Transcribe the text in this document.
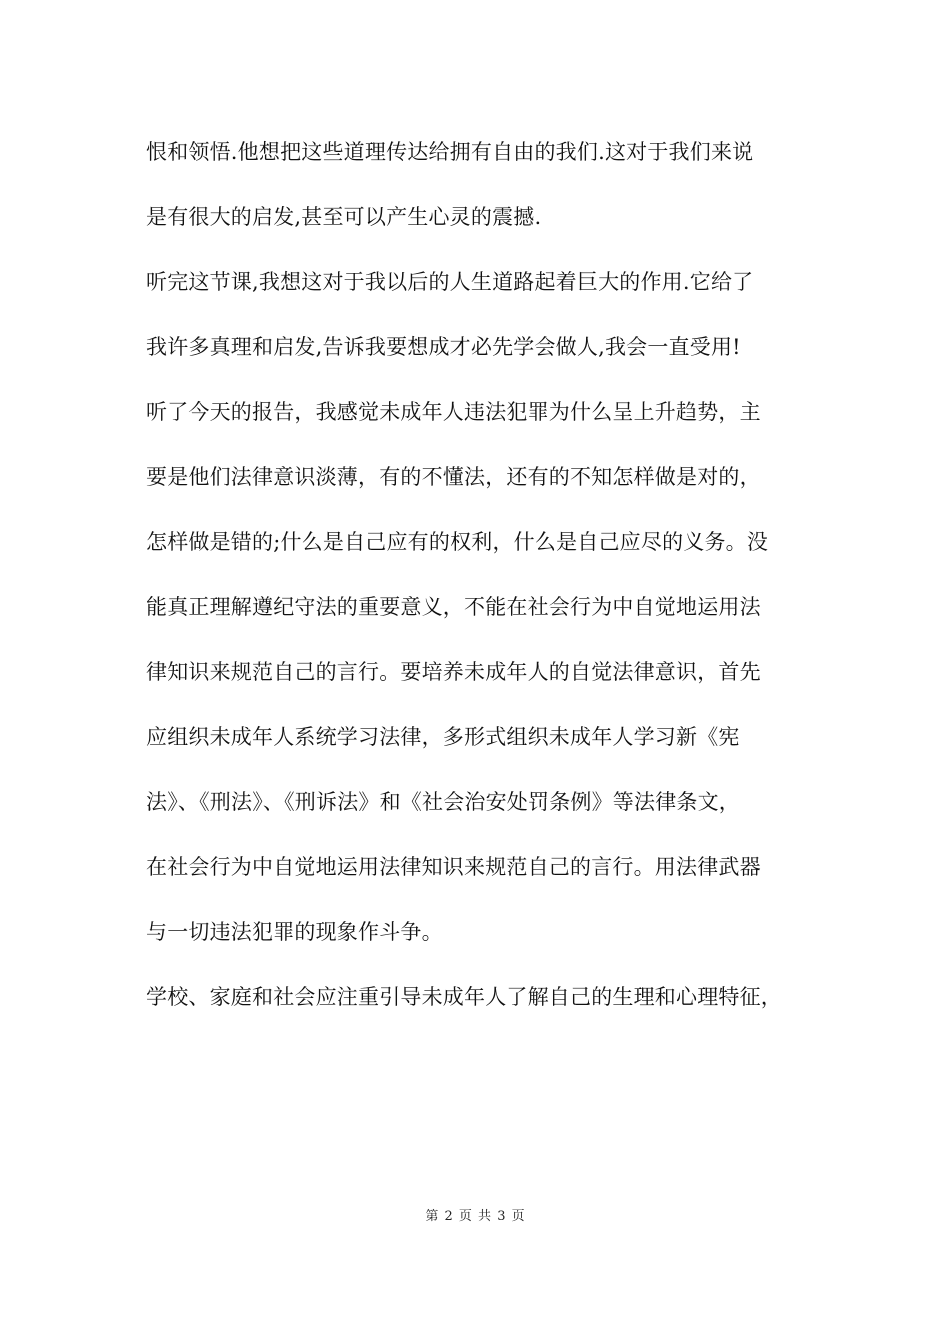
恨和领悟.他想把这些道理传达给拥有自由的我们.这对于我们来说
是有很大的启发,甚至可以产生心灵的震撼.
听完这节课,我想这对于我以后的人生道路起着巨大的作用.它给了
我许多真理和启发,告诉我要想成才必先学会做人,我会一直受用!
听了今天的报告，我感觉未成年人违法犯罪为什么呈上升趋势，主
要是他们法律意识淡薄，有的不懂法，还有的不知怎样做是对的，
怎样做是错的;什么是自己应有的权利，什么是自己应尽的义务。没
能真正理解遵纪守法的重要意义，不能在社会行为中自觉地运用法
律知识来规范自己的言行。要培养未成年人的自觉法律意识，首先
应组织未成年人系统学习法律，多形式组织未成年人学习新《宪
法》、《刑法》、《刑诉法》和《社会治安处罚条例》等法律条文，
在社会行为中自觉地运用法律知识来规范自己的言行。用法律武器
与一切违法犯罪的现象作斗争。
学校、家庭和社会应注重引导未成年人了解自己的生理和心理特征，
第 2 页 共 3 页
